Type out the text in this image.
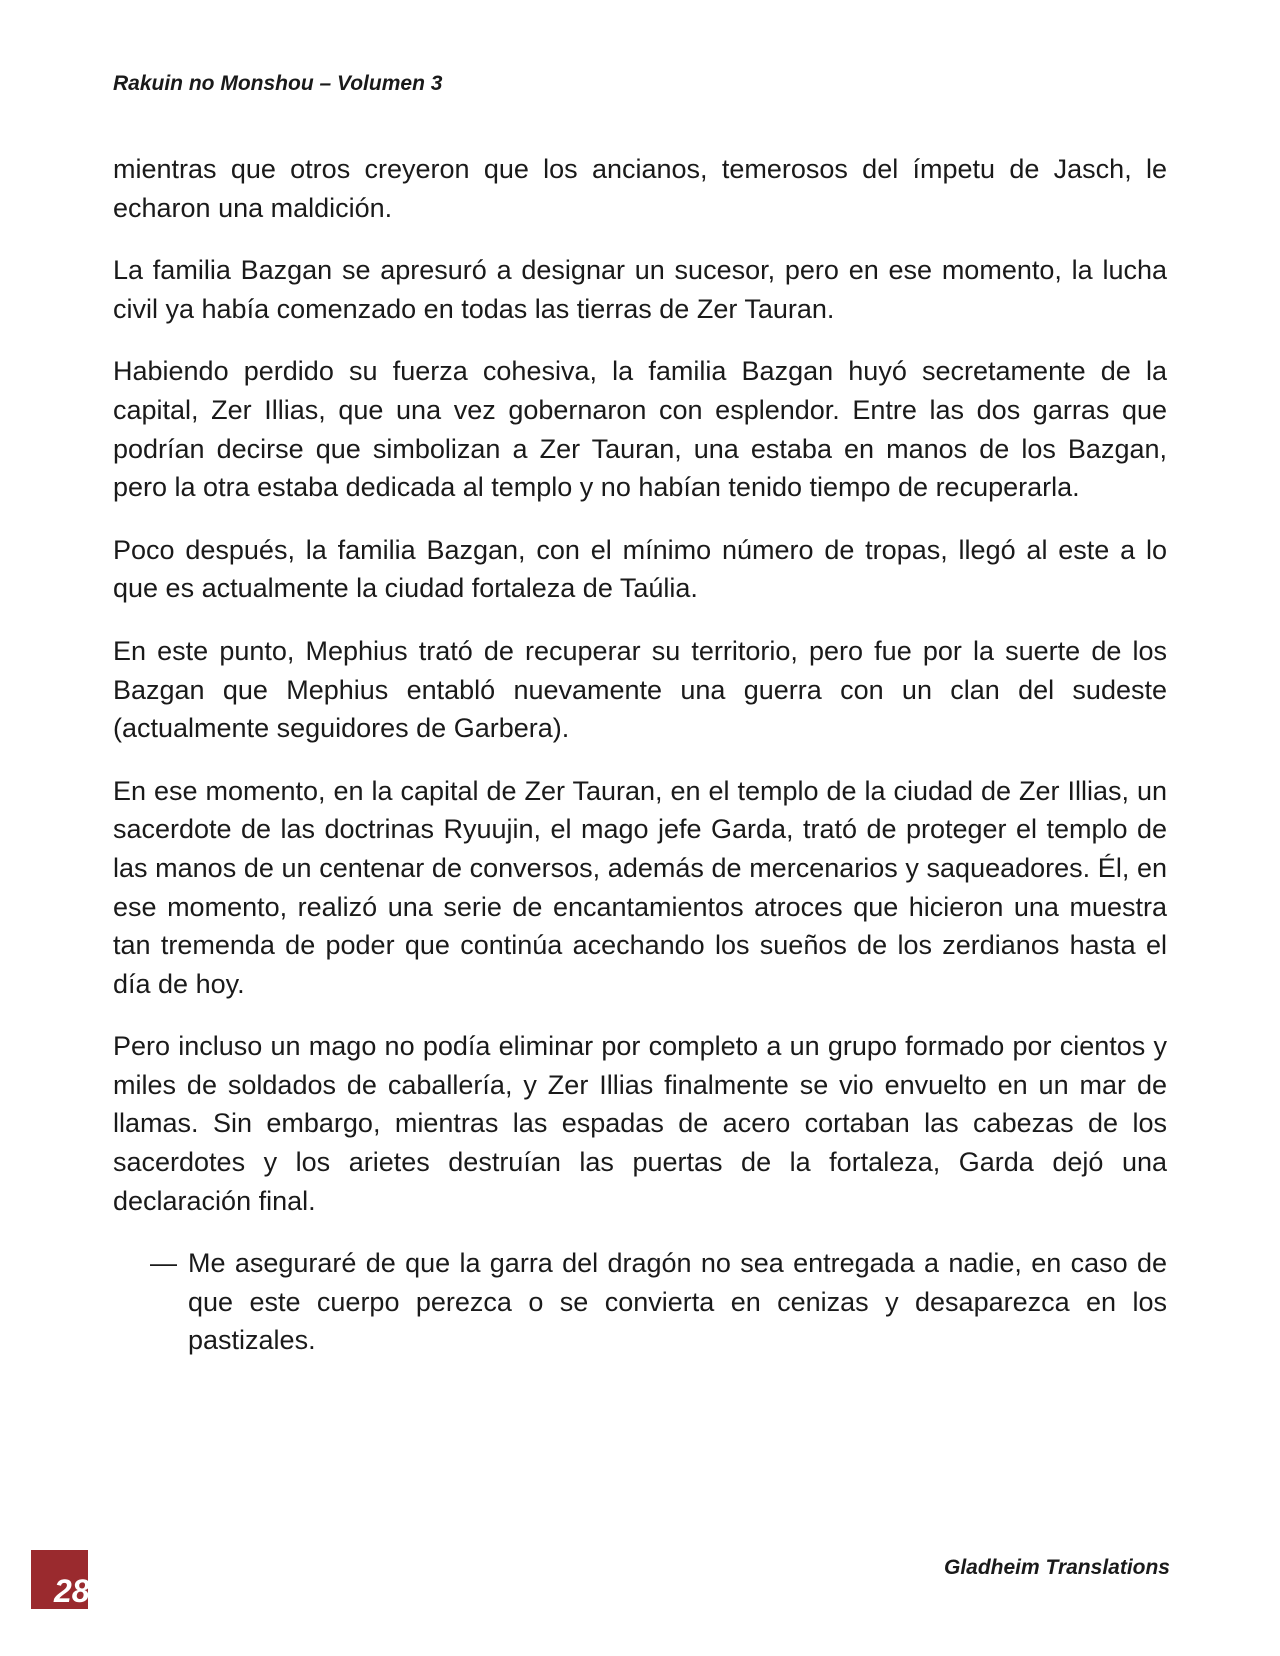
Rakuin no Monshou – Volumen 3

mientras que otros creyeron que los ancianos, temerosos del ímpetu de Jasch, le echaron una maldición.

La familia Bazgan se apresuró a designar un sucesor, pero en ese momento, la lucha civil ya había comenzado en todas las tierras de Zer Tauran.

Habiendo perdido su fuerza cohesiva, la familia Bazgan huyó secretamente de la capital, Zer Illias, que una vez gobernaron con esplendor. Entre las dos garras que podrían decirse que simbolizan a Zer Tauran, una estaba en manos de los Bazgan, pero la otra estaba dedicada al templo y no habían tenido tiempo de recuperarla.

Poco después, la familia Bazgan, con el mínimo número de tropas, llegó al este a lo que es actualmente la ciudad fortaleza de Taúlia.

En este punto, Mephius trató de recuperar su territorio, pero fue por la suerte de los Bazgan que Mephius entabló nuevamente una guerra con un clan del sudeste (actualmente seguidores de Garbera).

En ese momento, en la capital de Zer Tauran, en el templo de la ciudad de Zer Illias, un sacerdote de las doctrinas Ryuujin, el mago jefe Garda, trató de proteger el templo de las manos de un centenar de conversos, además de mercenarios y saqueadores. Él, en ese momento, realizó una serie de encantamientos atroces que hicieron una muestra tan tremenda de poder que continúa acechando los sueños de los zerdianos hasta el día de hoy.

Pero incluso un mago no podía eliminar por completo a un grupo formado por cientos y miles de soldados de caballería, y Zer Illias finalmente se vio envuelto en un mar de llamas. Sin embargo, mientras las espadas de acero cortaban las cabezas de los sacerdotes y los arietes destruían las puertas de la fortaleza, Garda dejó una declaración final.

— Me aseguraré de que la garra del dragón no sea entregada a nadie, en caso de que este cuerpo perezca o se convierta en cenizas y desaparezca en los pastizales.
28
Gladheim Translations
